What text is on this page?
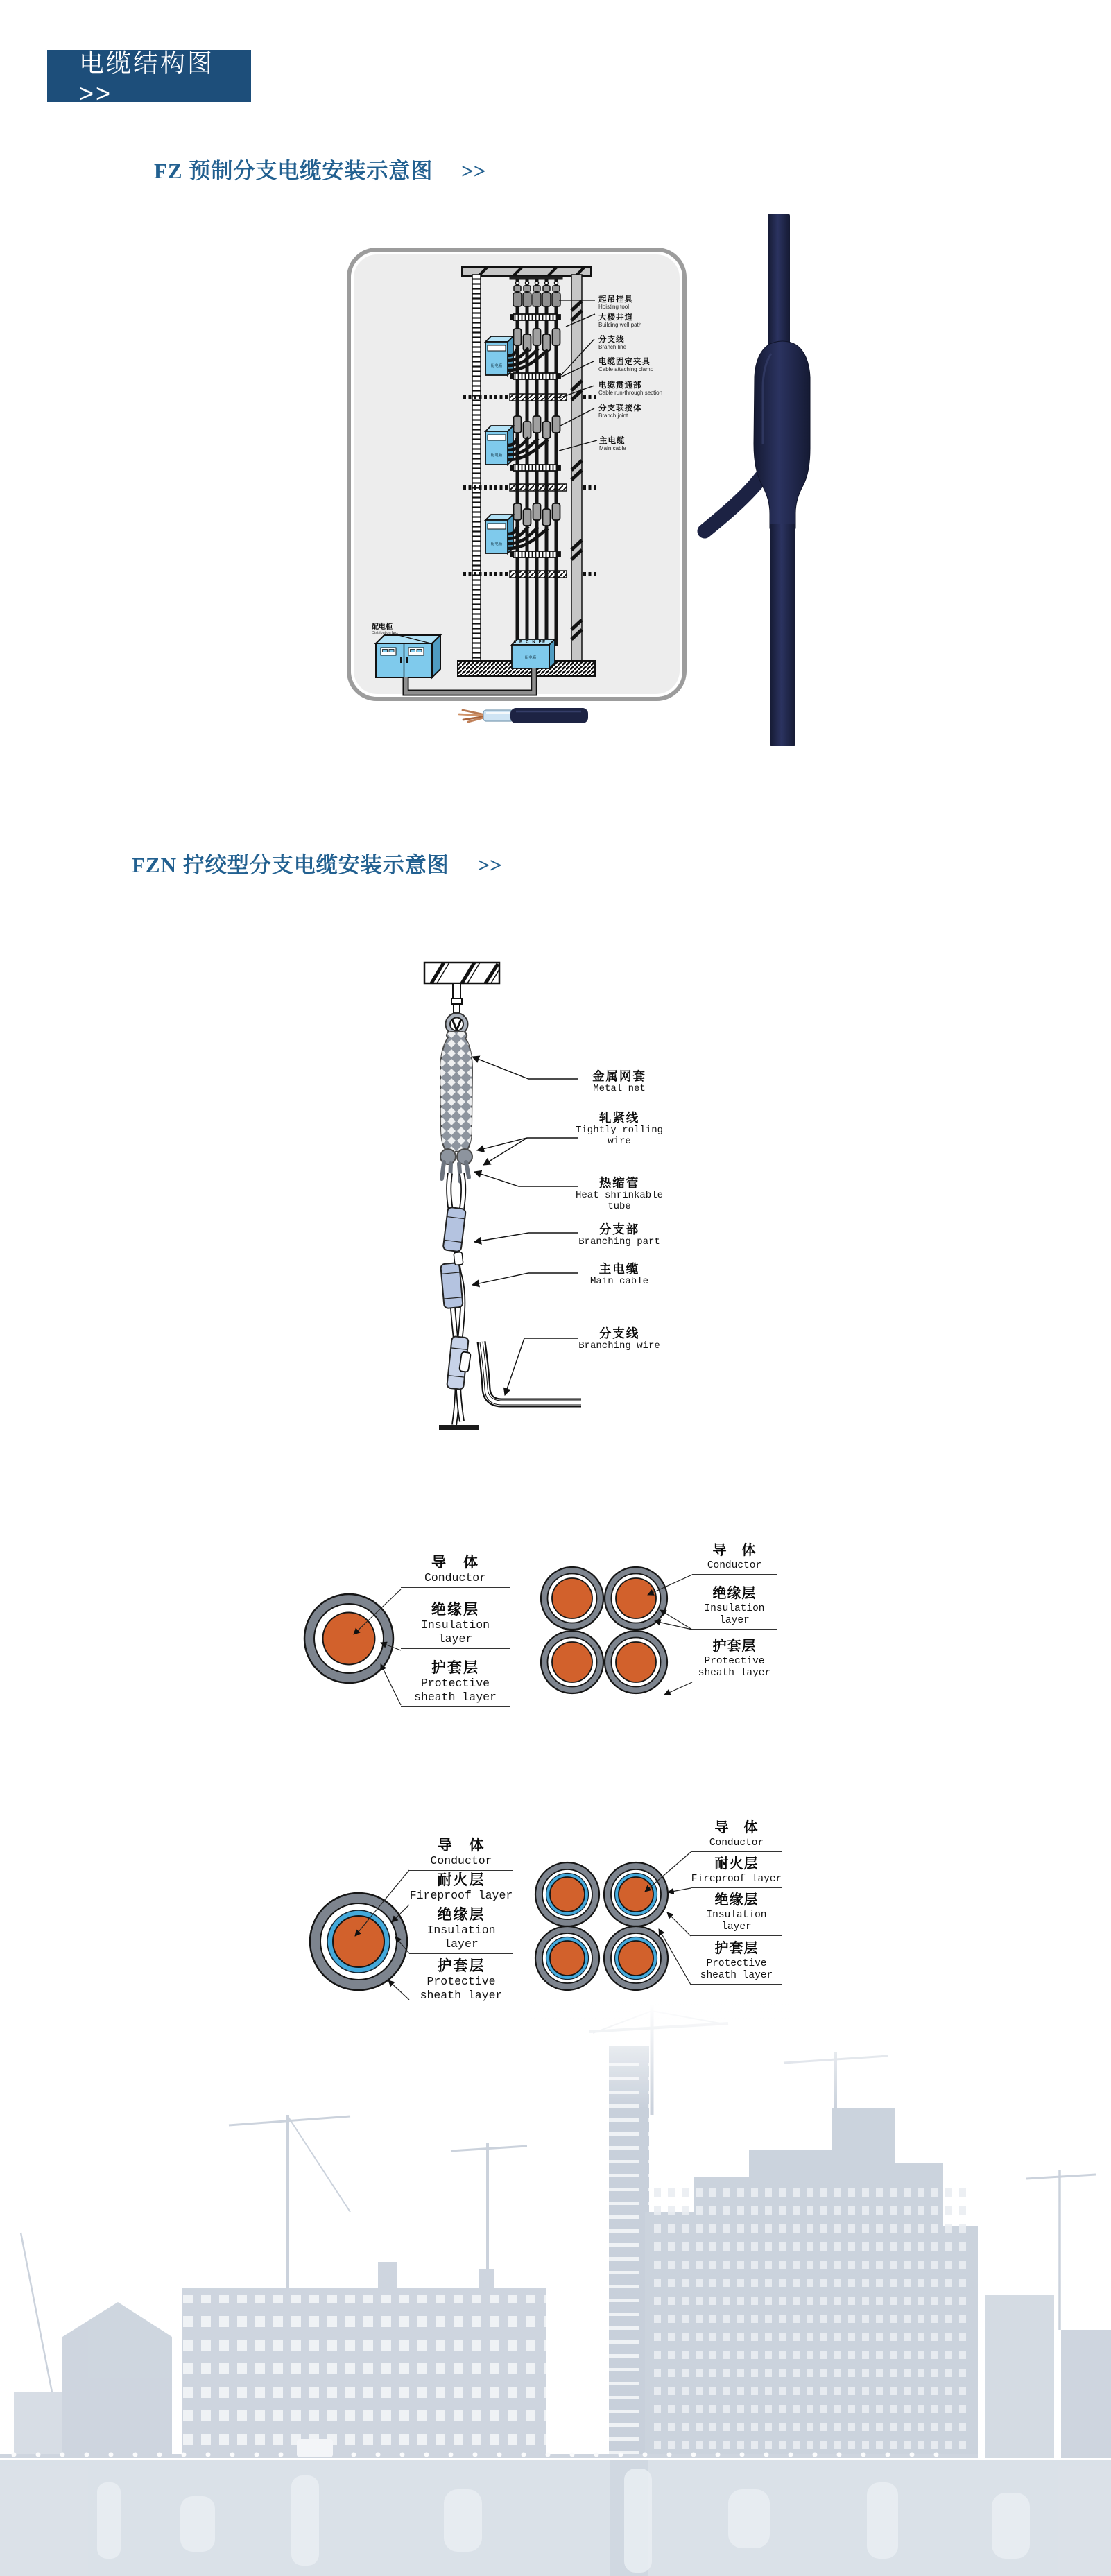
电缆结构图 >>
FZ 预制分支电缆安装示意图 >>
配电箱
配电箱
配电箱
A B C N PE
配电箱
起吊挂具
Hoisting tool
大楼井道
Building well path
分支线
Branch line
电缆固定夹具
Cable attaching clamp
电缆贯通部
Cable run-through section
分支联接体
Branch joint
主电缆
Main cable
配电柜
Distribution box
FZN 拧绞型分支电缆安装示意图 >>
金属网套
Metal net
轧紧线
Tightly rolling wire
热缩管
Heat shrinkable tube
分支部
Branching part
主电缆
Main cable
分支线
Branching wire
导　体
Conductor
绝缘层
Insulation layer
护套层
Protective sheath layer
导　体
Conductor
绝缘层
Insulation layer
护套层
Protective sheath layer
导　体
Conductor
耐火层
Fireproof layer
绝缘层
Insulation layer
护套层
Protective sheath layer
导　体
Conductor
耐火层
Fireproof layer
绝缘层
Insulation layer
护套层
Protective sheath layer
